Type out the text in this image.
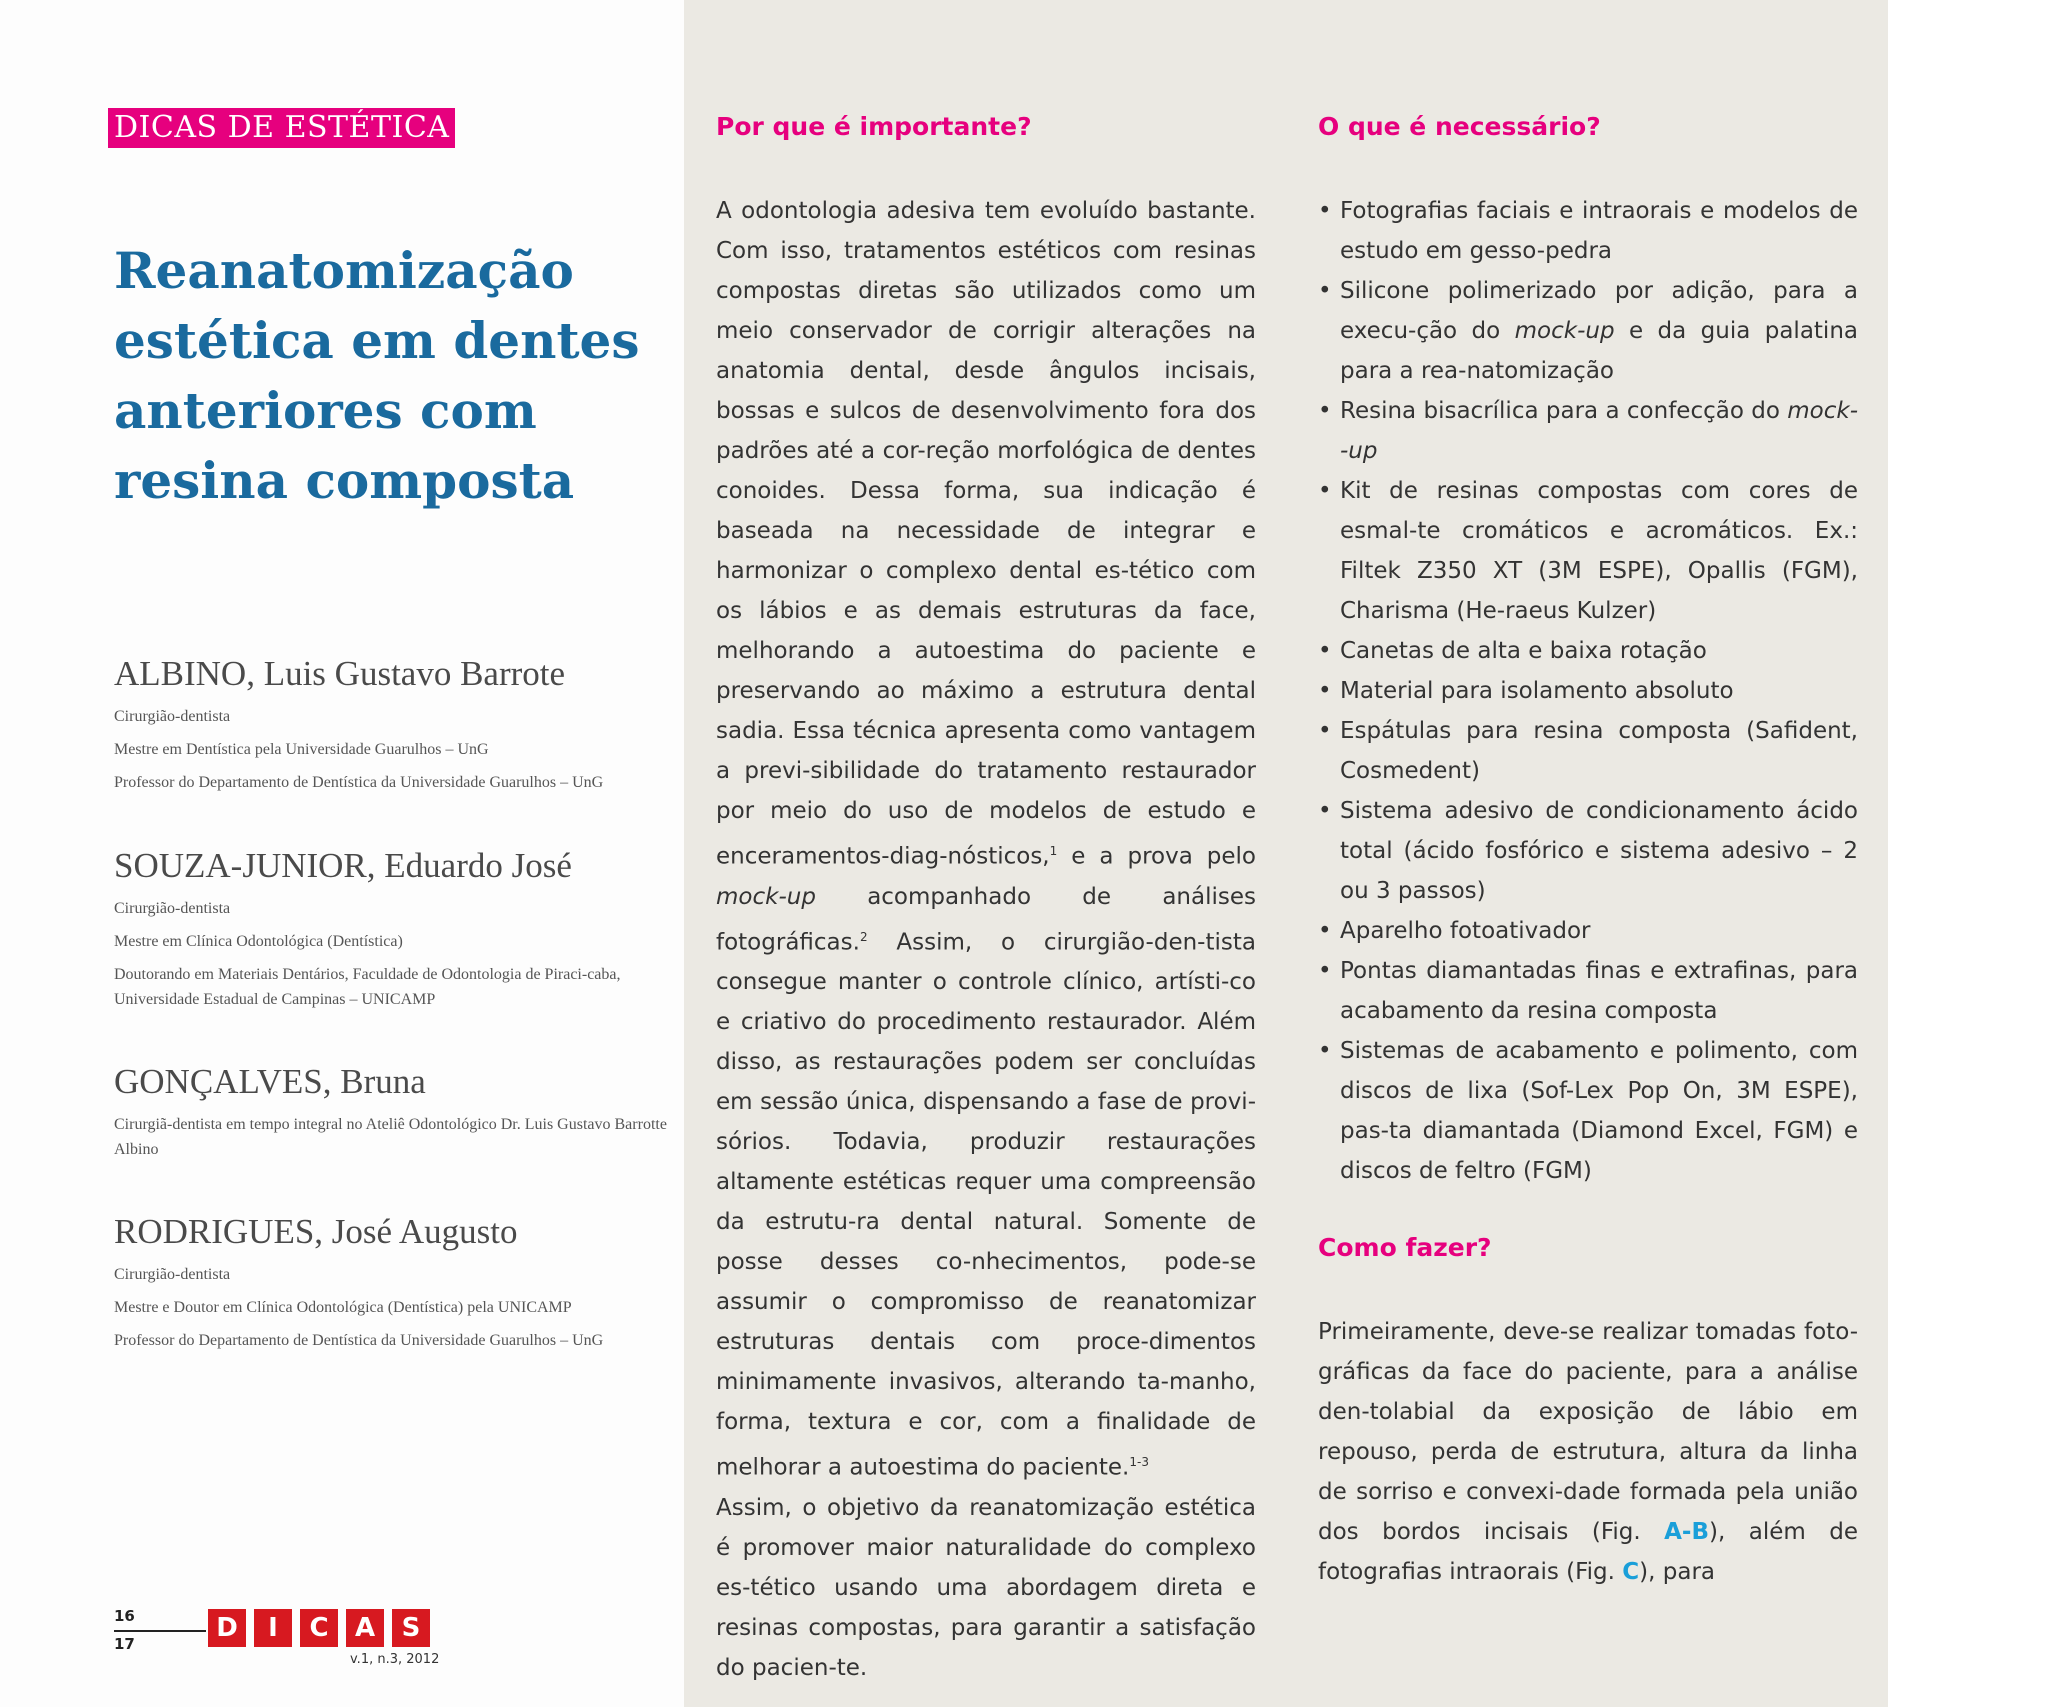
DICAS DE ESTÉTICA
Reanatomização
estética em dentes
anteriores com
resina composta
ALBINO, Luis Gustavo Barrote
Cirurgião-dentista
Mestre em Dentística pela Universidade Guarulhos – UnG
Professor do Departamento de Dentística da Universidade Guarulhos – UnG
SOUZA-JUNIOR, Eduardo José
Cirurgião-dentista
Mestre em Clínica Odontológica (Dentística)
Doutorando em Materiais Dentários, Faculdade de Odontologia de Piraci-caba, Universidade Estadual de Campinas – UNICAMP
GONÇALVES, Bruna
Cirurgiã-dentista em tempo integral no Ateliê Odontológico Dr. Luis Gustavo Barrotte Albino
RODRIGUES, José Augusto
Cirurgião-dentista
Mestre e Doutor em Clínica Odontológica (Dentística) pela UNICAMP
Professor do Departamento de Dentística da Universidade Guarulhos – UnG
16
17
D	I	C	A	S
v.1, n.3, 2012
Por que é importante?

A odontologia adesiva tem evoluído bastante. Com isso, tratamentos estéticos com resinas compostas diretas são utilizados como um meio conservador de corrigir alterações na anatomia dental, desde ângulos incisais, bossas e sulcos de desenvolvimento fora dos padrões até a cor-reção morfológica de dentes conoides. Dessa forma, sua indicação é baseada na necessidade de integrar e harmonizar o complexo dental es-tético com os lábios e as demais estruturas da face, melhorando a autoestima do paciente e preservando ao máximo a estrutura dental sadia. Essa técnica apresenta como vantagem a previ-sibilidade do tratamento restaurador por meio do uso de modelos de estudo e enceramentos-diag-nósticos,$^1$ e a prova pelo mock-up acompanhado de análises fotográficas.$^2$ Assim, o cirurgião-den-tista consegue manter o controle clínico, artísti-co e criativo do procedimento restaurador. Além disso, as restaurações podem ser concluídas em sessão única, dispensando a fase de provi-sórios. Todavia, produzir restaurações altamente estéticas requer uma compreensão da estrutu-ra dental natural. Somente de posse desses co-nhecimentos, pode-se assumir o compromisso de reanatomizar estruturas dentais com proce-dimentos minimamente invasivos, alterando ta-manho, forma, textura e cor, com a finalidade de melhorar a autoestima do paciente.$^{1-3}$

Assim, o objetivo da reanatomização estética é promover maior naturalidade do complexo es-tético usando uma abordagem direta e resinas compostas, para garantir a satisfação do pacien-te.

O que é necessário?
• Fotografias faciais e intraorais e modelos de estudo em gesso-pedra
• Silicone polimerizado por adição, para a execu-ção do mock-up e da guia palatina para a rea-natomização
• Resina bisacrílica para a confecção do mock--up
• Kit de resinas compostas com cores de esmal-te cromáticos e acromáticos. Ex.: Filtek Z350 XT (3M ESPE), Opallis (FGM), Charisma (He-raeus Kulzer)
• Canetas de alta e baixa rotação
• Material para isolamento absoluto
• Espátulas para resina composta (Safident, Cosmedent)
• Sistema adesivo de condicionamento ácido total (ácido fosfórico e sistema adesivo – 2 ou 3 passos)
• Aparelho fotoativador
• Pontas diamantadas finas e extrafinas, para acabamento da resina composta
• Sistemas de acabamento e polimento, com discos de lixa (Sof-Lex Pop On, 3M ESPE), pas-ta diamantada (Diamond Excel, FGM) e discos de feltro (FGM)
Como fazer?

Primeiramente, deve-se realizar tomadas foto-gráficas da face do paciente, para a análise den-tolabial da exposição de lábio em repouso, perda de estrutura, altura da linha de sorriso e convexi-dade formada pela união dos bordos incisais (Fig. A-B), além de fotografias intraorais (Fig. C), para
